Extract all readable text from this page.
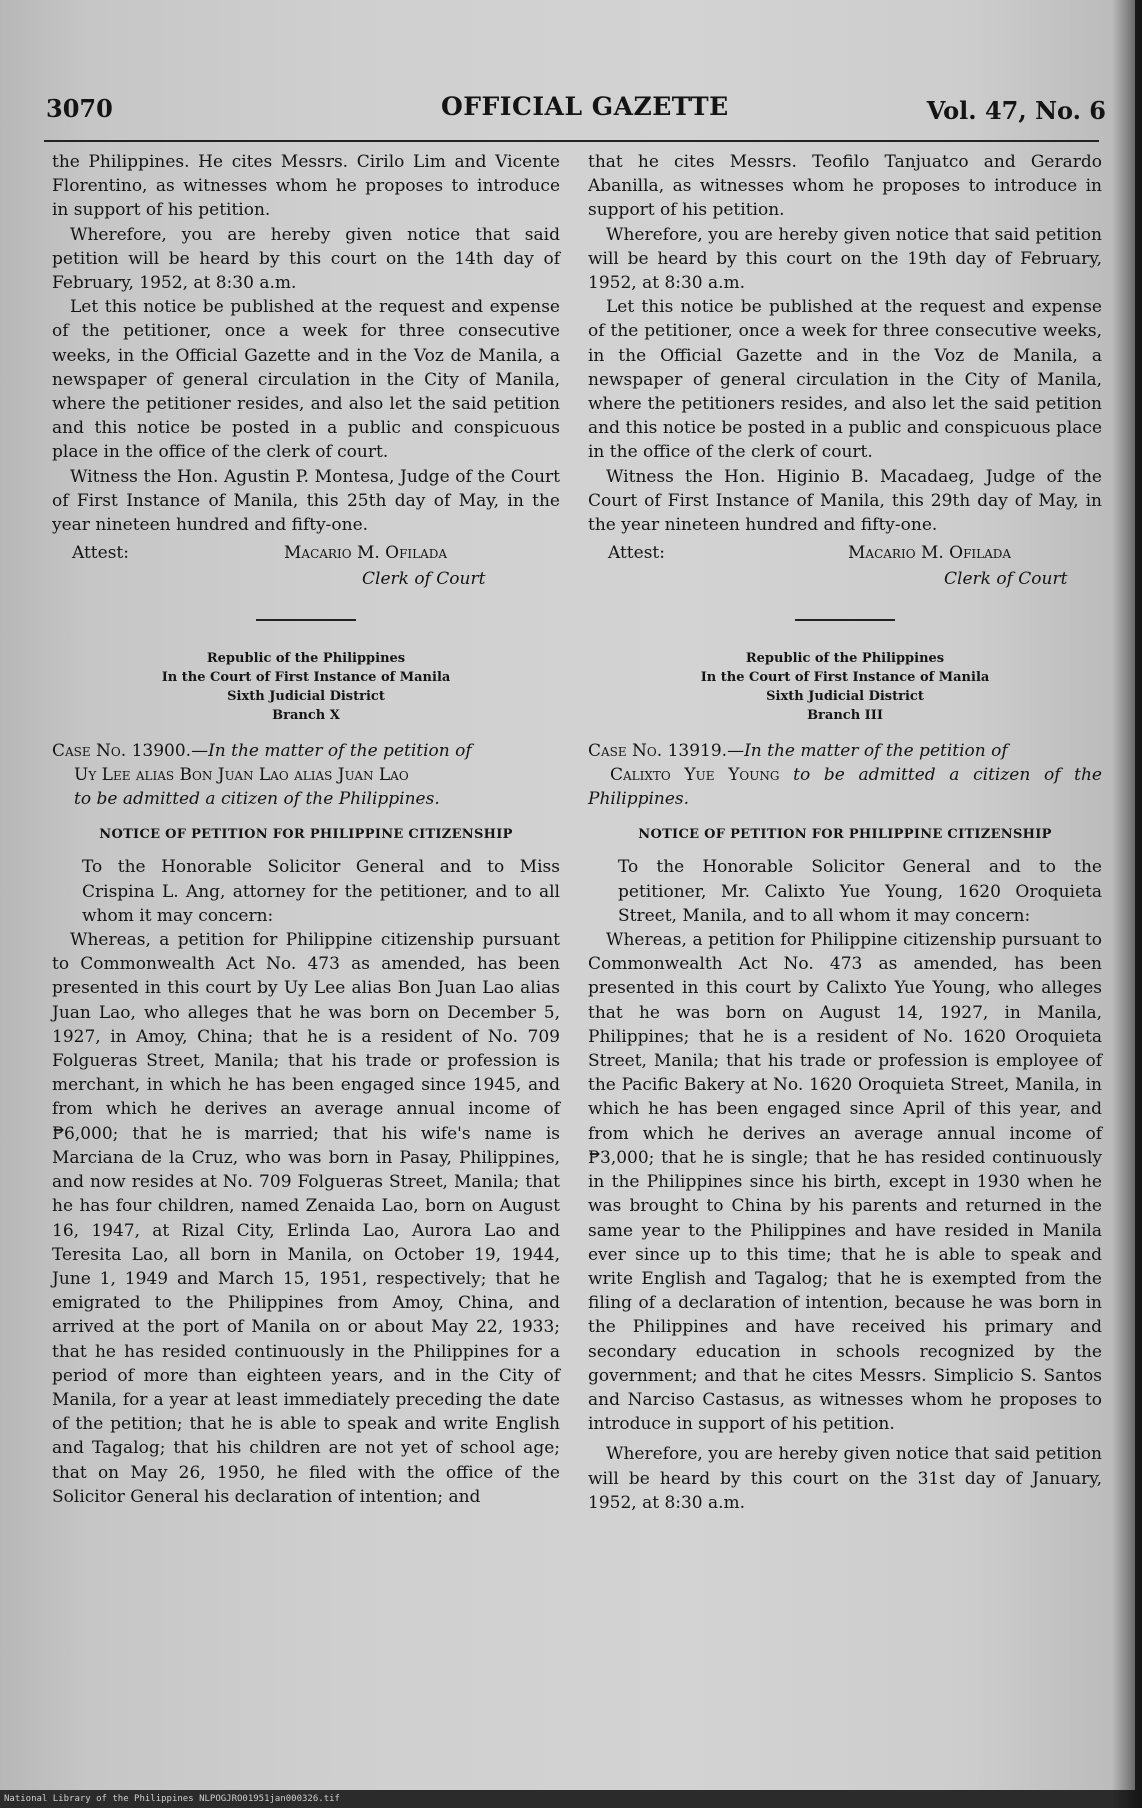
3070	OFFICIAL GAZETTE	Vol. 47, No. 6

the Philippines. He cites Messrs. Cirilo Lim and Vicente Florentino, as witnesses whom he proposes to introduce in support of his petition.

Wherefore, you are hereby given notice that said petition will be heard by this court on the 14th day of February, 1952, at 8:30 a.m.

Let this notice be published at the request and expense of the petitioner, once a week for three consecutive weeks, in the Official Gazette and in the Voz de Manila, a newspaper of general circulation in the City of Manila, where the petitioner resides, and also let the said petition and this notice be posted in a public and conspicuous place in the office of the clerk of court.

Witness the Hon. Agustin P. Montesa, Judge of the Court of First Instance of Manila, this 25th day of May, in the year nineteen hundred and fifty-one.

Attest:	Macario M. Ofilada
Clerk of Court
Republic of the Philippines
In the Court of First Instance of Manila
Sixth Judicial District
Branch X
Case No. 13900.—In the matter of the petition of
Uy Lee alias Bon Juan Lao alias Juan Lao
to be admitted a citizen of the Philippines.
NOTICE OF PETITION FOR PHILIPPINE CITIZENSHIP

To the Honorable Solicitor General and to Miss Crispina L. Ang, attorney for the petitioner, and to all whom it may concern:

Whereas, a petition for Philippine citizenship pursuant to Commonwealth Act No. 473 as amended, has been presented in this court by Uy Lee alias Bon Juan Lao alias Juan Lao, who alleges that he was born on December 5, 1927, in Amoy, China; that he is a resident of No. 709 Folgueras Street, Manila; that his trade or profession is merchant, in which he has been engaged since 1945, and from which he derives an average annual income of ₱6,000; that he is married; that his wife's name is Marciana de la Cruz, who was born in Pasay, Philippines, and now resides at No. 709 Folgueras Street, Manila; that he has four children, named Zenaida Lao, born on August 16, 1947, at Rizal City, Erlinda Lao, Aurora Lao and Teresita Lao, all born in Manila, on October 19, 1944, June 1, 1949 and March 15, 1951, respectively; that he emigrated to the Philippines from Amoy, China, and arrived at the port of Manila on or about May 22, 1933; that he has resided continuously in the Philippines for a period of more than eighteen years, and in the City of Manila, for a year at least immediately preceding the date of the petition; that he is able to speak and write English and Tagalog; that his children are not yet of school age; that on May 26, 1950, he filed with the office of the Solicitor General his declaration of intention; and

that he cites Messrs. Teofilo Tanjuatco and Gerardo Abanilla, as witnesses whom he proposes to introduce in support of his petition.

Wherefore, you are hereby given notice that said petition will be heard by this court on the 19th day of February, 1952, at 8:30 a.m.

Let this notice be published at the request and expense of the petitioner, once a week for three consecutive weeks, in the Official Gazette and in the Voz de Manila, a newspaper of general circulation in the City of Manila, where the petitioners resides, and also let the said petition and this notice be posted in a public and conspicuous place in the office of the clerk of court.

Witness the Hon. Higinio B. Macadaeg, Judge of the Court of First Instance of Manila, this 29th day of May, in the year nineteen hundred and fifty-one.

Attest:	Macario M. Ofilada
Clerk of Court
Republic of the Philippines
In the Court of First Instance of Manila
Sixth Judicial District
Branch III
Case No. 13919.—In the matter of the petition of
Calixto Yue Young to be admitted a citizen of the Philippines.
NOTICE OF PETITION FOR PHILIPPINE CITIZENSHIP

To the Honorable Solicitor General and to the petitioner, Mr. Calixto Yue Young, 1620 Oroquieta Street, Manila, and to all whom it may concern:

Whereas, a petition for Philippine citizenship pursuant to Commonwealth Act No. 473 as amended, has been presented in this court by Calixto Yue Young, who alleges that he was born on August 14, 1927, in Manila, Philippines; that he is a resident of No. 1620 Oroquieta Street, Manila; that his trade or profession is employee of the Pacific Bakery at No. 1620 Oroquieta Street, Manila, in which he has been engaged since April of this year, and from which he derives an average annual income of ₱3,000; that he is single; that he has resided continuously in the Philippines since his birth, except in 1930 when he was brought to China by his parents and returned in the same year to the Philippines and have resided in Manila ever since up to this time; that he is able to speak and write English and Tagalog; that he is exempted from the filing of a declaration of intention, because he was born in the Philippines and have received his primary and secondary education in schools recognized by the government; and that he cites Messrs. Simplicio S. Santos and Narciso Castasus, as witnesses whom he proposes to introduce in support of his petition.

Wherefore, you are hereby given notice that said petition will be heard by this court on the 31st day of January, 1952, at 8:30 a.m.

National Library of the Philippines NLPOGJRO01951jan000326.tif
